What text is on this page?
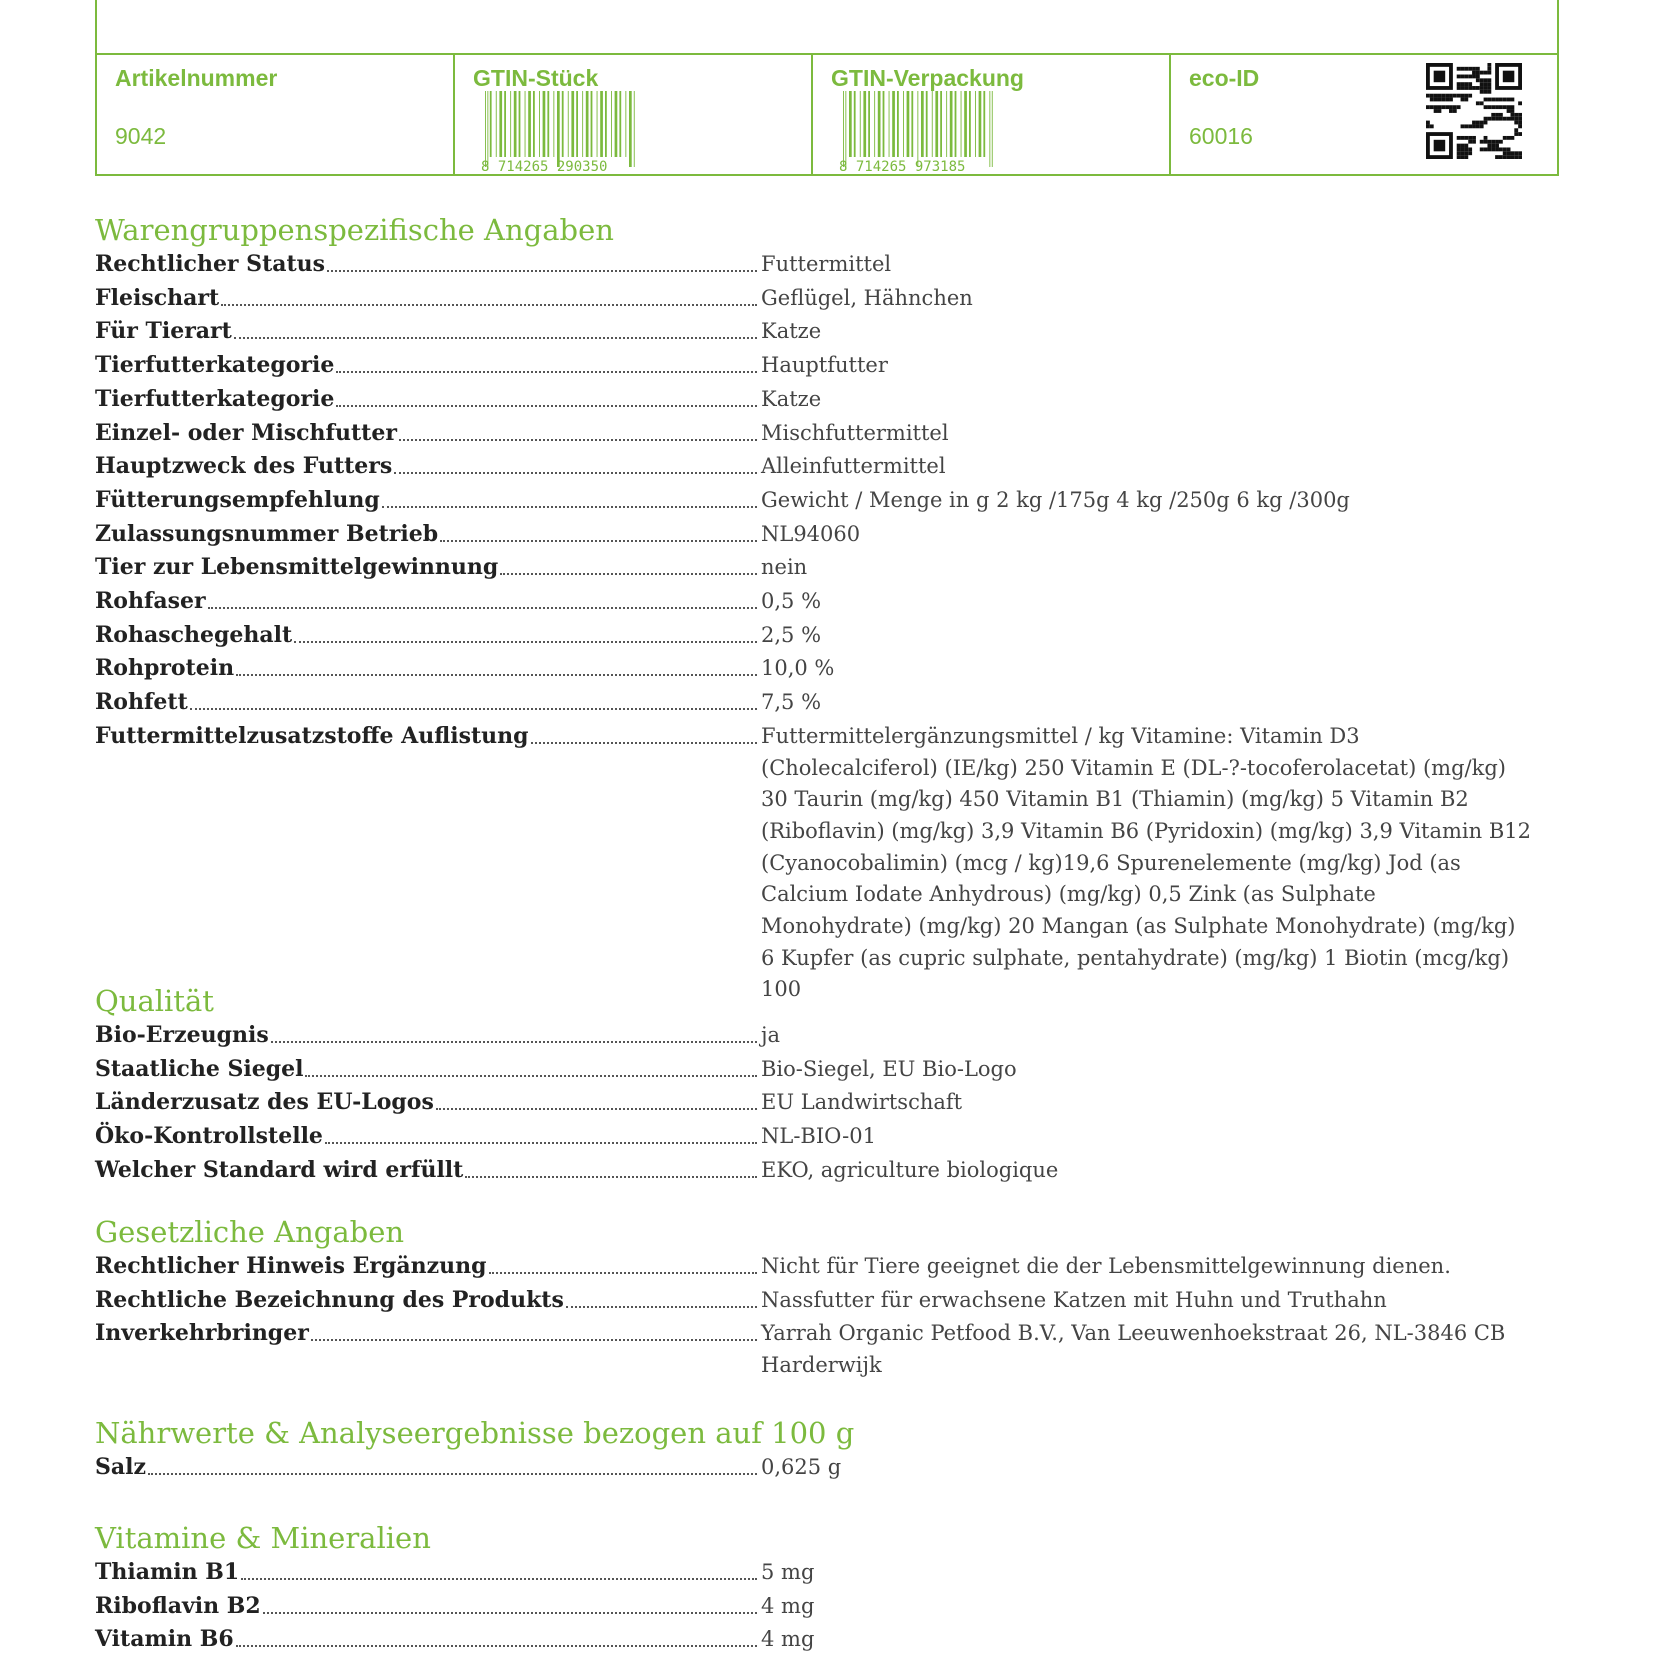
Artikelnummer
9042
GTIN-Stück
8 714265 290350
GTIN-Verpackung
8 714265 973185
eco-ID
60016
Warengruppenspezifische Angaben
Rechtlicher Status	Futtermittel
Fleischart	Geflügel, Hähnchen
Für Tierart	Katze
Tierfutterkategorie	Hauptfutter
Tierfutterkategorie	Katze
Einzel- oder Mischfutter	Mischfuttermittel
Hauptzweck des Futters	Alleinfuttermittel
Fütterungsempfehlung	Gewicht / Menge in g 2 kg /175g 4 kg /250g 6 kg /300g
Zulassungsnummer Betrieb	NL94060
Tier zur Lebensmittelgewinnung	nein
Rohfaser	0,5 %
Rohaschegehalt	2,5 %
Rohprotein	10,0 %
Rohfett	7,5 %
Futtermittelzusatzstoffe Auflistung	Futtermittelergänzungsmittel / kg Vitamine: Vitamin D3 (Cholecalciferol) (IE/kg) 250 Vitamin E (DL-?-tocoferolacetat) (mg/kg) 30 Taurin (mg/kg) 450 Vitamin B1 (Thiamin) (mg/kg) 5 Vitamin B2 (Riboflavin) (mg/kg) 3,9 Vitamin B6 (Pyridoxin) (mg/kg) 3,9 Vitamin B12 (Cyanocobalimin) (mcg / kg)19,6 Spurenelemente (mg/kg) Jod (as Calcium Iodate Anhydrous) (mg/kg) 0,5 Zink (as Sulphate Monohydrate) (mg/kg) 20 Mangan (as Sulphate Monohydrate) (mg/kg) 6 Kupfer (as cupric sulphate, pentahydrate) (mg/kg) 1 Biotin (mcg/kg) 100
Qualität
Bio-Erzeugnis	ja
Staatliche Siegel	Bio-Siegel, EU Bio-Logo
Länderzusatz des EU-Logos	EU Landwirtschaft
Öko-Kontrollstelle	NL-BIO-01
Welcher Standard wird erfüllt	EKO, agriculture biologique
Gesetzliche Angaben
Rechtlicher Hinweis Ergänzung	Nicht für Tiere geeignet die der Lebensmittelgewinnung dienen.
Rechtliche Bezeichnung des Produkts	Nassfutter für erwachsene Katzen mit Huhn und Truthahn
Inverkehrbringer	Yarrah Organic Petfood B.V., Van Leeuwenhoekstraat 26, NL-3846 CB Harderwijk
Nährwerte & Analyseergebnisse bezogen auf 100 g
Salz	0,625 g
Vitamine & Mineralien
Thiamin B1	5 mg
Riboflavin B2	4 mg
Vitamin B6	4 mg
